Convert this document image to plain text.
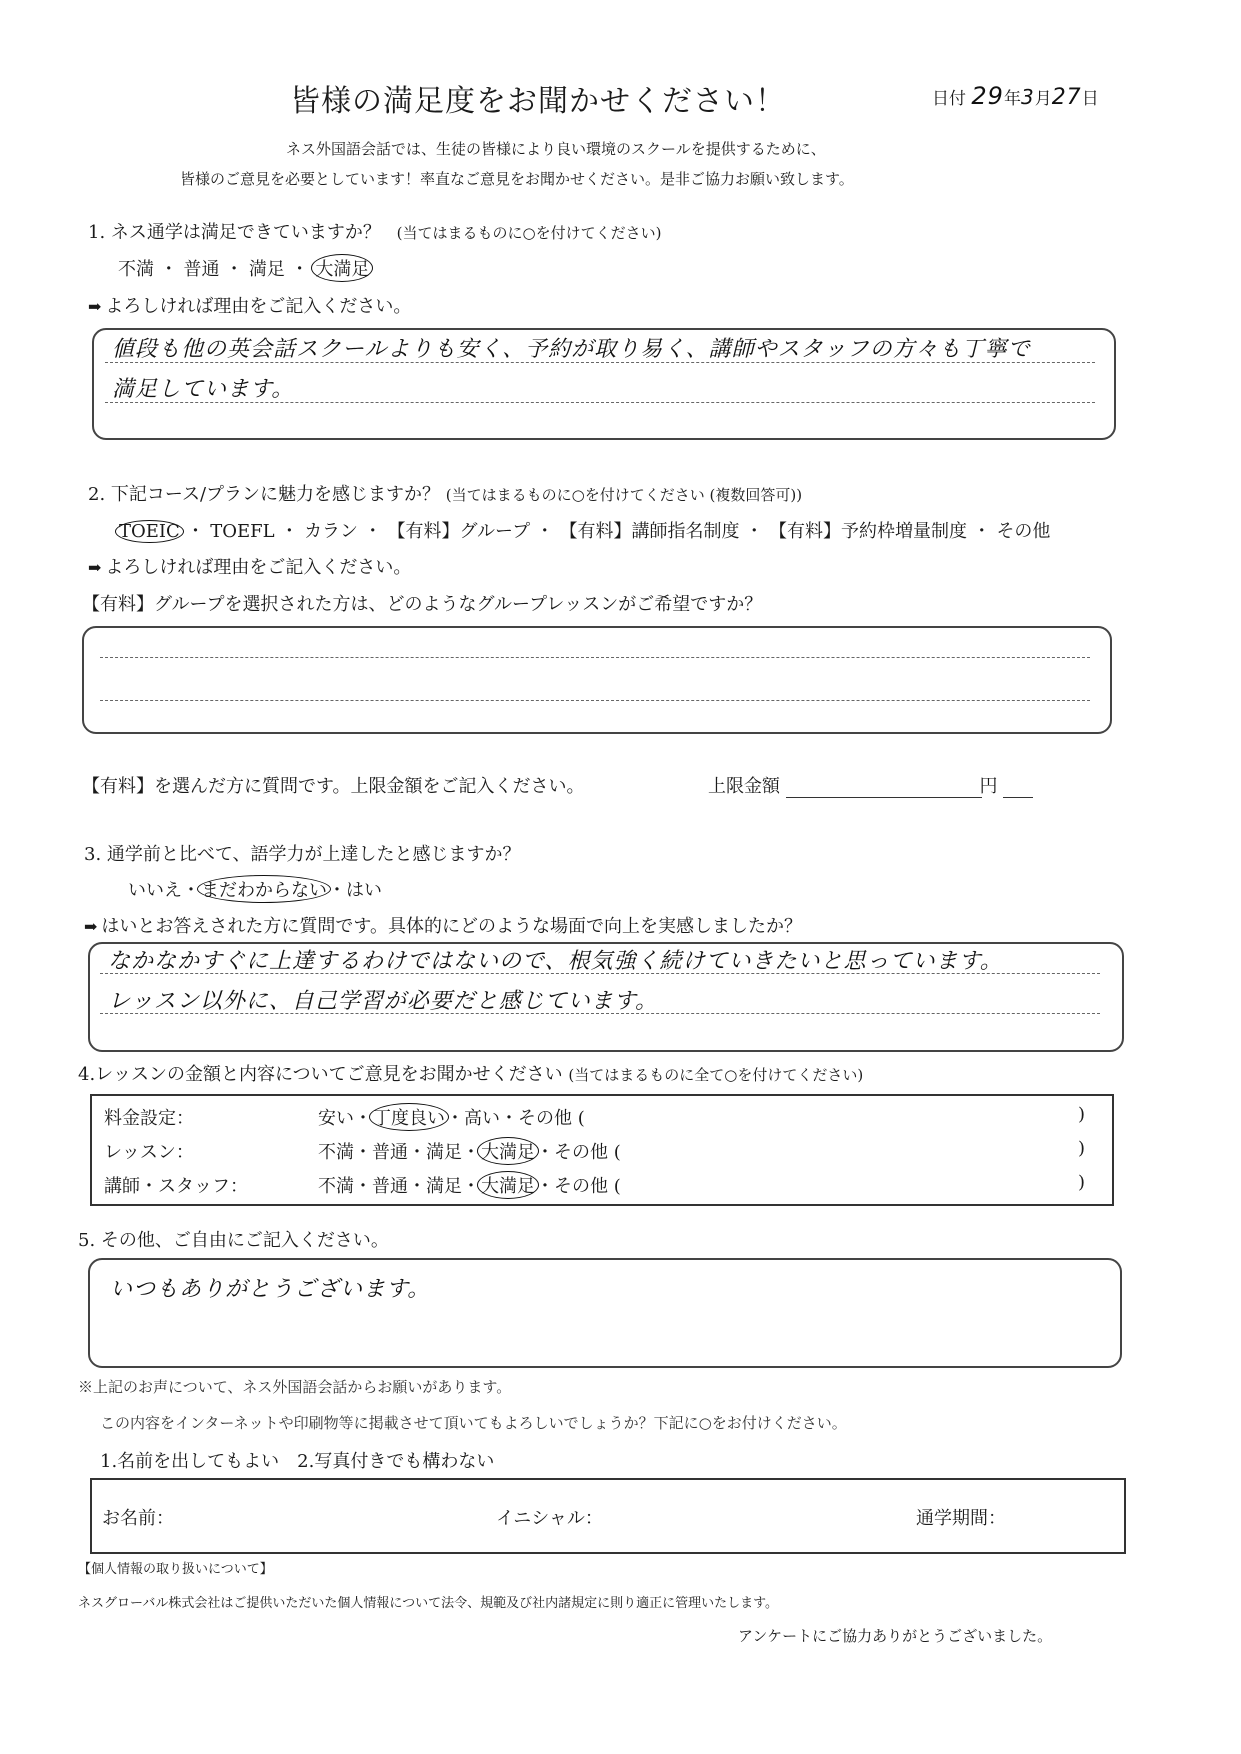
皆様の満足度をお聞かせください！	日付 29年3月27日
ネス外国語会話では、生徒の皆様により良い環境のスクールを提供するために、
皆様のご意見を必要としています！率直なご意見をお聞かせください。是非ご協力お願い致します。
1. ネス通学は満足できていますか？ (当てはまるものに○を付けてください)
不満 ・ 普通 ・ 満足 ・ 大満足
➡ よろしければ理由をご記入ください。
値段も他の英会話スクールよりも安く、予約が取り易く、講師やスタッフの方々も丁寧で
満足しています。
2. 下記コース/プランに魅力を感じますか？ (当てはまるものに○を付けてください (複数回答可))
TOEIC ・ TOEFL ・ カラン ・ 【有料】グループ ・ 【有料】講師指名制度 ・ 【有料】予約枠増量制度 ・ その他
➡ よろしければ理由をご記入ください。
【有料】グループを選択された方は、どのようなグループレッスンがご希望ですか？
【有料】を選んだ方に質問です。上限金額をご記入ください。	上限金額	円
3. 通学前と比べて、語学力が上達したと感じますか？
いいえ・まだわからない・はい
➡ はいとお答えされた方に質問です。具体的にどのような場面で向上を実感しましたか？
なかなかすぐに上達するわけではないので、根気強く続けていきたいと思っています。
レッスン以外に、自己学習が必要だと感じています。
4.レッスンの金額と内容についてご意見をお聞かせください (当てはまるものに全て○を付けてください)
料金設定：	安い・丁度良い・高い・その他 (	)
レッスン：	不満・普通・満足・大満足・その他 (	)
講師・スタッフ：	不満・普通・満足・大満足・その他 (	)
5. その他、ご自由にご記入ください。
いつもありがとうございます。
※上記のお声について、ネス外国語会話からお願いがあります。
この内容をインターネットや印刷物等に掲載させて頂いてもよろしいでしょうか？下記に○をお付けください。
1.名前を出してもよい　2.写真付きでも構わない
お名前：	イニシャル：	通学期間：
【個人情報の取り扱いについて】
ネスグローバル株式会社はご提供いただいた個人情報について法令、規範及び社内諸規定に則り適正に管理いたします。
アンケートにご協力ありがとうございました。
